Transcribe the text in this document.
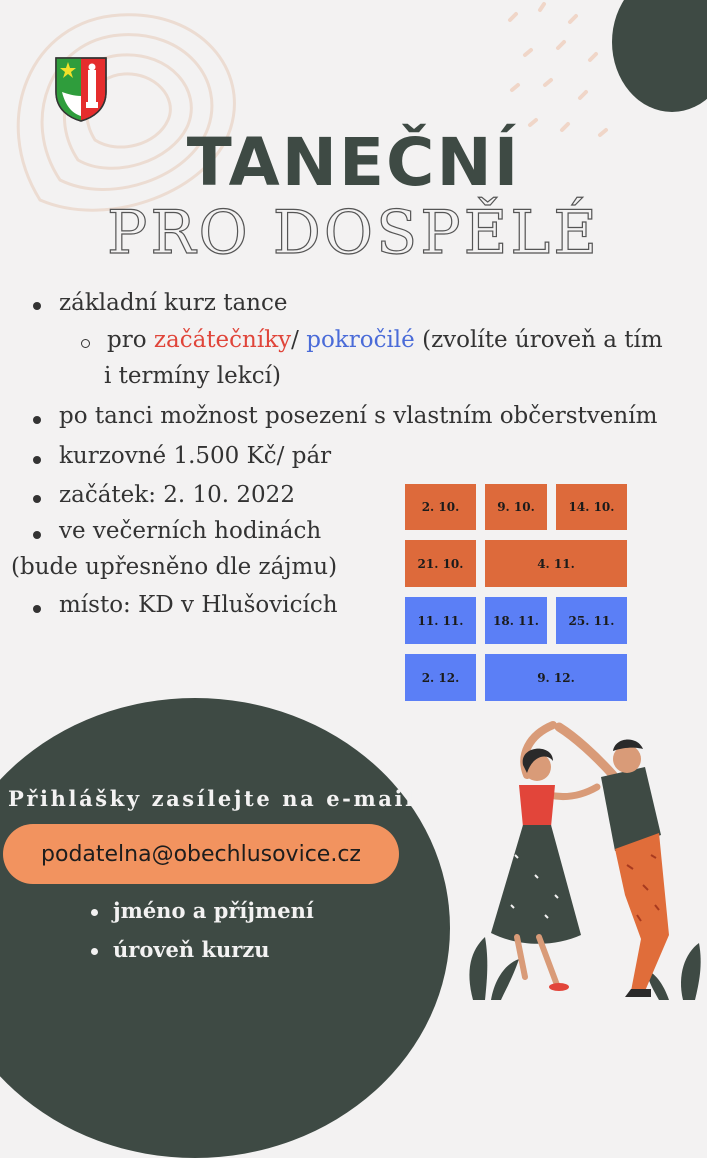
TANEČNÍ
PRO DOSPĚLÉ
základní kurz tance
pro začátečníky/ pokročilé (zvolíte úroveň a tím
i termíny lekcí)
po tanci možnost posezení s vlastním občerstvením
kurzovné 1.500 Kč/ pár
začátek: 2. 10. 2022
ve večerních hodinách
(bude upřesněno dle zájmu)
místo: KD v Hlušovicích
2. 10.	9. 10.	14. 10.
21. 10.	4. 11.
11. 11.	18. 11.	25. 11.
2. 12.	9. 12.
Přihlášky zasílejte na e-mail:
podatelna@obechlusovice.cz
jméno a příjmení
úroveň kurzu
